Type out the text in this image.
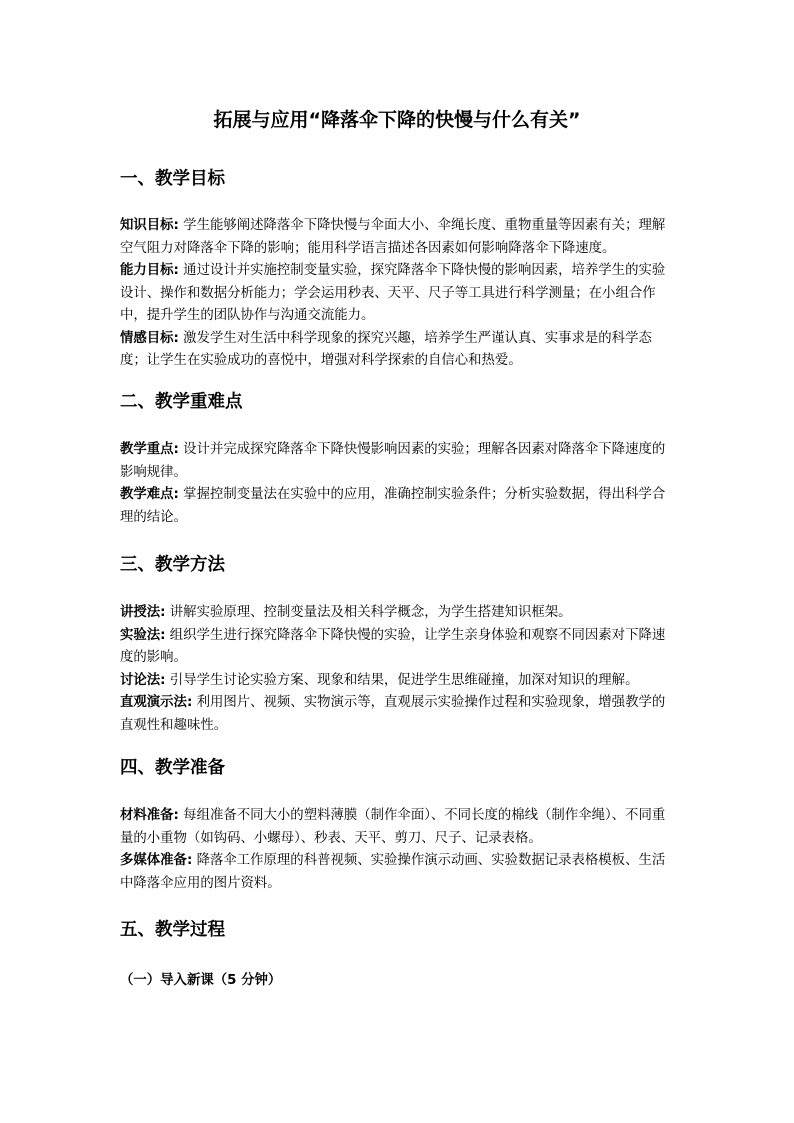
拓展与应用“降落伞下降的快慢与什么有关”
一、教学目标

知识目标: 学生能够阐述降落伞下降快慢与伞面大小、伞绳长度、重物重量等因素有关；理解空气阻力对降落伞下降的影响；能用科学语言描述各因素如何影响降落伞下降速度。

能力目标: 通过设计并实施控制变量实验，探究降落伞下降快慢的影响因素，培养学生的实验设计、操作和数据分析能力；学会运用秒表、天平、尺子等工具进行科学测量；在小组合作中，提升学生的团队协作与沟通交流能力。

情感目标: 激发学生对生活中科学现象的探究兴趣，培养学生严谨认真、实事求是的科学态度；让学生在实验成功的喜悦中，增强对科学探索的自信心和热爱。

二、教学重难点

教学重点: 设计并完成探究降落伞下降快慢影响因素的实验；理解各因素对降落伞下降速度的影响规律。

教学难点: 掌握控制变量法在实验中的应用，准确控制实验条件；分析实验数据，得出科学合理的结论。

三、教学方法

讲授法: 讲解实验原理、控制变量法及相关科学概念，为学生搭建知识框架。

实验法: 组织学生进行探究降落伞下降快慢的实验，让学生亲身体验和观察不同因素对下降速度的影响。

讨论法: 引导学生讨论实验方案、现象和结果，促进学生思维碰撞，加深对知识的理解。

直观演示法: 利用图片、视频、实物演示等，直观展示实验操作过程和实验现象，增强教学的直观性和趣味性。

四、教学准备

材料准备: 每组准备不同大小的塑料薄膜（制作伞面）、不同长度的棉线（制作伞绳）、不同重量的小重物（如钩码、小螺母）、秒表、天平、剪刀、尺子、记录表格。

多媒体准备: 降落伞工作原理的科普视频、实验操作演示动画、实验数据记录表格模板、生活中降落伞应用的图片资料。

五、教学过程
（一）导入新课（5 分钟）
